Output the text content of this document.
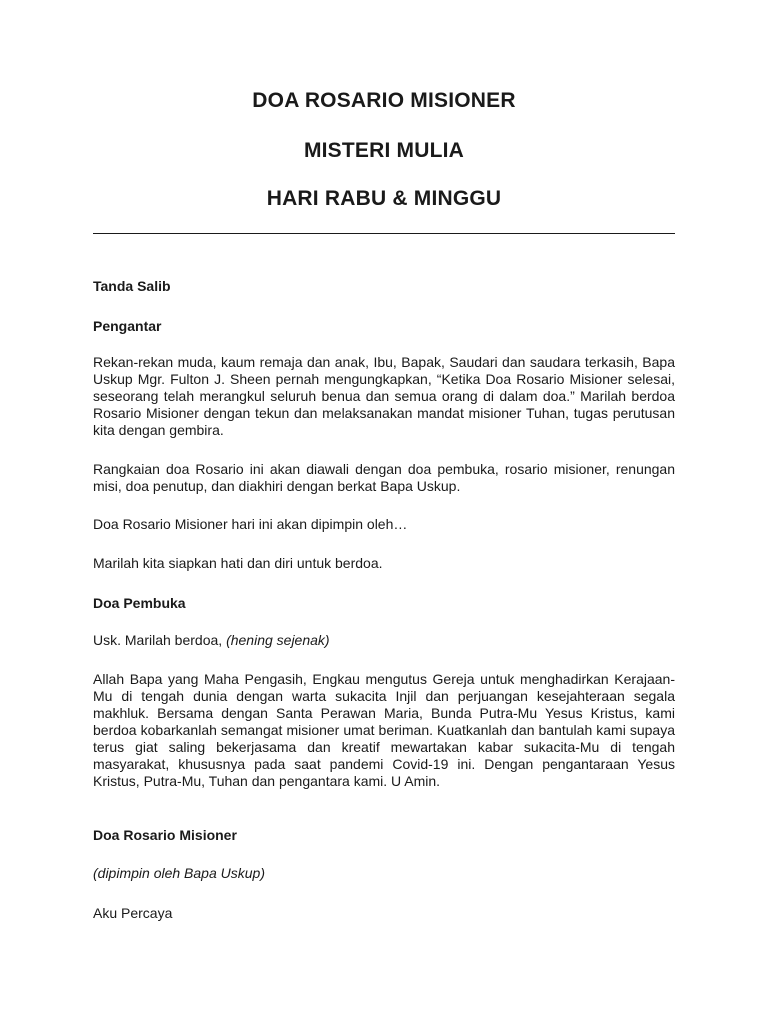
DOA ROSARIO MISIONER
MISTERI MULIA
HARI RABU & MINGGU

Tanda Salib

Pengantar

Rekan-rekan muda, kaum remaja dan anak, Ibu, Bapak, Saudari dan saudara terkasih, Bapa Uskup Mgr. Fulton J. Sheen pernah mengungkapkan, “Ketika Doa Rosario Misioner selesai, seseorang telah merangkul seluruh benua dan semua orang di dalam doa.” Marilah berdoa Rosario Misioner dengan tekun dan melaksanakan mandat misioner Tuhan, tugas perutusan kita dengan gembira.

Rangkaian doa Rosario ini akan diawali dengan doa pembuka, rosario misioner, renungan misi, doa penutup, dan diakhiri dengan berkat Bapa Uskup.

Doa Rosario Misioner hari ini akan dipimpin oleh…

Marilah kita siapkan hati dan diri untuk berdoa.

Doa Pembuka

Usk. Marilah berdoa, (hening sejenak)

Allah Bapa yang Maha Pengasih, Engkau mengutus Gereja untuk menghadirkan Kerajaan-Mu di tengah dunia dengan warta sukacita Injil dan perjuangan kesejahteraan segala makhluk. Bersama dengan Santa Perawan Maria, Bunda Putra-Mu Yesus Kristus, kami berdoa kobarkanlah semangat misioner umat beriman. Kuatkanlah dan bantulah kami supaya terus giat saling bekerjasama dan kreatif mewartakan kabar sukacita-Mu di tengah masyarakat, khususnya pada saat pandemi Covid-19 ini. Dengan pengantaraan Yesus Kristus, Putra-Mu, Tuhan dan pengantara kami. U Amin.

Doa Rosario Misioner

(dipimpin oleh Bapa Uskup)

Aku Percaya
